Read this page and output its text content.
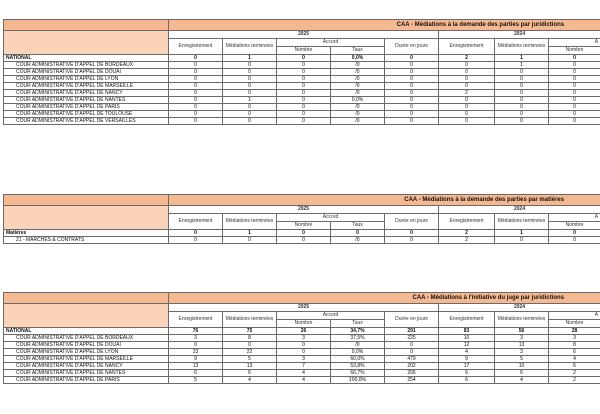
	CAA - Médiations à la demande des parties par juridictions							
	2025					2024		
	Enregistrement	Médiations terminées	Accord		Durée en jours	Enregistrement	Médiations terminées	A
			Nombre	Taux				Nombre
NATIONAL	0	1	0	0,0%	0	2	1	0
COUR ADMINISTRATIVE D'APPEL DE BORDEAUX	0	0	0	/0	0	0	1	0
COUR ADMINISTRATIVE D'APPEL DE DOUAI	0	0	0	/0	0	0	0	0
COUR ADMINISTRATIVE D'APPEL DE LYON	0	0	0	/0	0	0	0	0
COUR ADMINISTRATIVE D'APPEL DE MARSEILLE	0	0	0	/0	0	0	0	0
COUR ADMINISTRATIVE D'APPEL DE NANCY	0	0	0	/0	0	2	0	0
COUR ADMINISTRATIVE D'APPEL DE NANTES	0	1	0	0,0%	0	0	0	0
COUR ADMINISTRATIVE D'APPEL DE PARIS	0	0	0	/0	0	0	0	0
COUR ADMINISTRATIVE D'APPEL DE TOULOUSE	0	0	0	/0	0	0	0	0
COUR ADMINISTRATIVE D'APPEL DE VERSAILLES	0	0	0	/0	0	0	0	0
	CAA - Médiations à la demande des parties par matières							
	2025					2024		
	Enregistrement	Médiations terminées	Accord		Durée en jours	Enregistrement	Médiations terminées	A
			Nombre	Taux				Nombre
Matières	0	1	0	0	0	2	1	0
21 - MARCHES & CONTRATS	0	0	0	/0	0	2	0	0
	CAA - Médiations à l'initiative du juge par juridictions							
	2025					2024		
	Enregistrement	Médiations terminées	Accord		Durée en jours	Enregistrement	Médiations terminées	A
			Nombre	Taux				Nombre
NATIONAL	76	75	26	34,7%	291	83	56	28
COUR ADMINISTRATIVE D'APPEL DE BORDEAUX	3	8	3	37,5%	225	10	3	3
COUR ADMINISTRATIVE D'APPEL DE DOUAI	0	0	0	/0	0	12	13	8
COUR ADMINISTRATIVE D'APPEL DE LYON	23	22	0	0,0%	0	4	3	6
COUR ADMINISTRATIVE D'APPEL DE MARSEILLE	9	5	3	60,0%	479	9	5	4
COUR ADMINISTRATIVE D'APPEL DE NANCY	13	13	7	53,8%	202	17	10	6
COUR ADMINISTRATIVE D'APPEL DE NANTES	6	6	4	66,7%	206	6	6	2
COUR ADMINISTRATIVE D'APPEL DE PARIS	5	4	4	100,0%	254	6	4	2
